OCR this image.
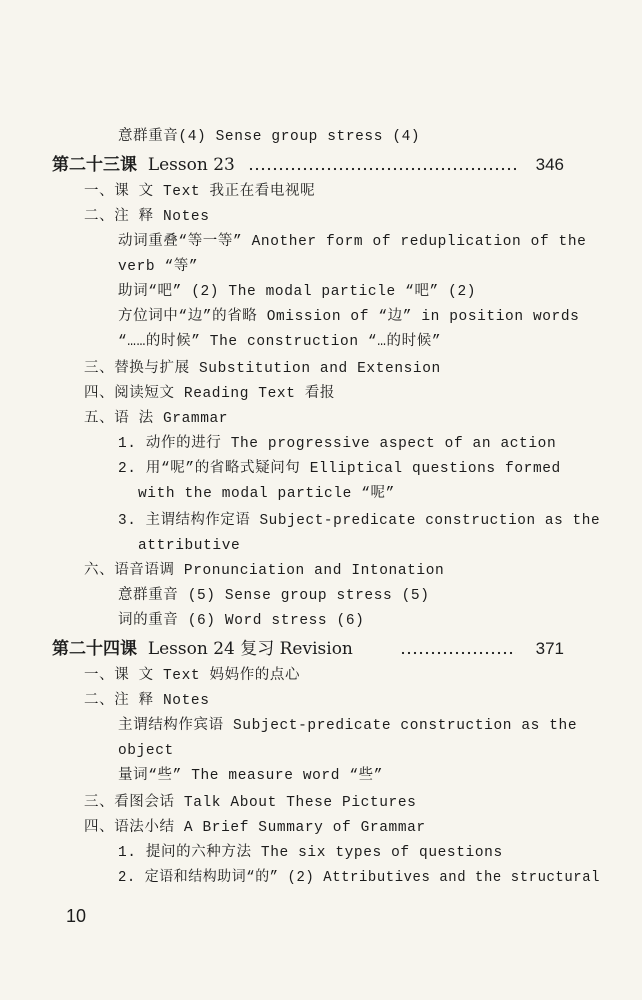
意群重音(4) Sense group stress (4)
第二十三课 Lesson 23	346
一、课 文 Text 我正在看电视呢
二、注 释 Notes
动词重叠“等一等” Another form of reduplication of the
verb “等”
助词“吧” (2) The modal particle “吧” (2)
方位词中“边”的省略 Omission of “边” in position words
“……的时候” The construction “…的时候”
三、替换与扩展 Substitution and Extension
四、阅读短文 Reading Text 看报
五、语 法 Grammar
1. 动作的进行 The progressive aspect of an action
2. 用“呢”的省略式疑问句 Elliptical questions formed
with the modal particle “呢”
3. 主谓结构作定语 Subject-predicate construction as the
attributive
六、语音语调 Pronunciation and Intonation
意群重音 (5) Sense group stress (5)
词的重音 (6) Word stress (6)
第二十四课 Lesson 24 复习 Revision	371
一、课 文 Text 妈妈作的点心
二、注 释 Notes
主谓结构作宾语 Subject-predicate construction as the
object
量词“些” The measure word “些”
三、看图会话 Talk About These Pictures
四、语法小结 A Brief Summary of Grammar
1. 提问的六种方法 The six types of questions
2. 定语和结构助词“的” (2) Attributives and the structural
10
